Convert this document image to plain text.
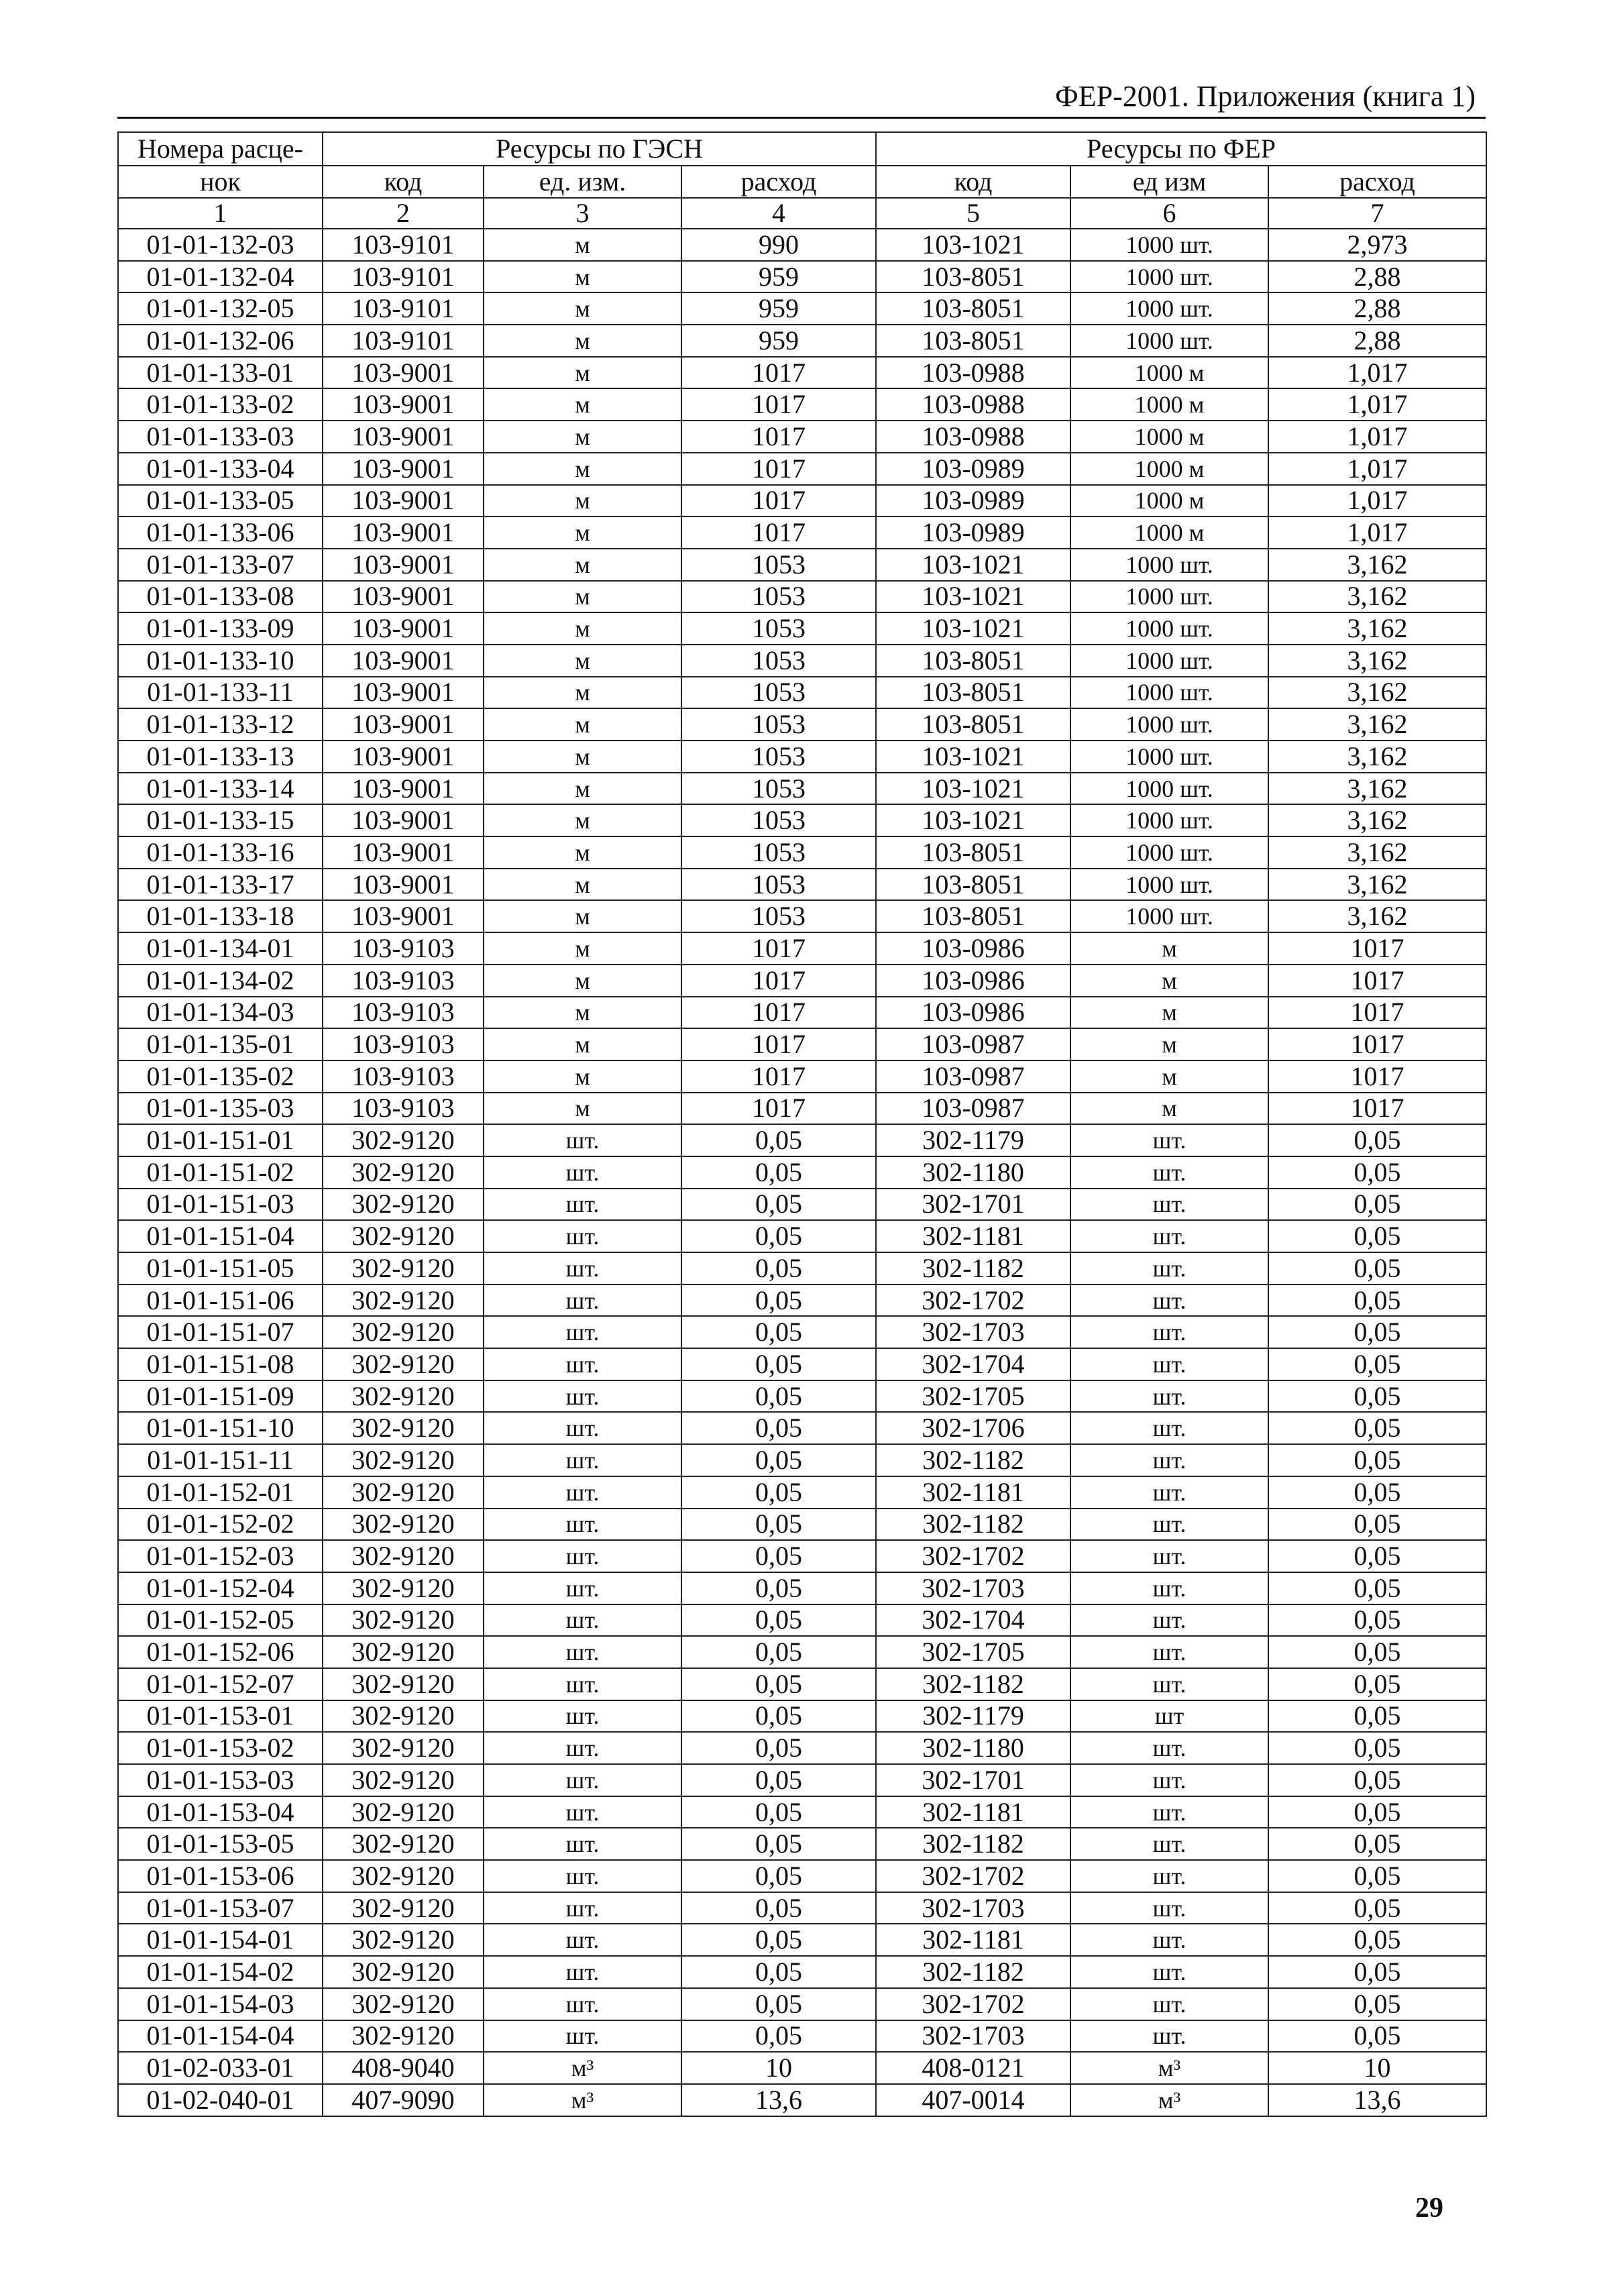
ФЕР-2001. Приложения (книга 1)
Номера расце-	Ресурсы по ГЭСН			Ресурсы по ФЕР		
нок	код	ед. изм.	расход	код	ед изм	расход
1	2	3	4	5	6	7
01-01-132-03	103-9101	м	990	103-1021	1000 шт.	2,973
01-01-132-04	103-9101	м	959	103-8051	1000 шт.	2,88
01-01-132-05	103-9101	м	959	103-8051	1000 шт.	2,88
01-01-132-06	103-9101	м	959	103-8051	1000 шт.	2,88
01-01-133-01	103-9001	м	1017	103-0988	1000 м	1,017
01-01-133-02	103-9001	м	1017	103-0988	1000 м	1,017
01-01-133-03	103-9001	м	1017	103-0988	1000 м	1,017
01-01-133-04	103-9001	м	1017	103-0989	1000 м	1,017
01-01-133-05	103-9001	м	1017	103-0989	1000 м	1,017
01-01-133-06	103-9001	м	1017	103-0989	1000 м	1,017
01-01-133-07	103-9001	м	1053	103-1021	1000 шт.	3,162
01-01-133-08	103-9001	м	1053	103-1021	1000 шт.	3,162
01-01-133-09	103-9001	м	1053	103-1021	1000 шт.	3,162
01-01-133-10	103-9001	м	1053	103-8051	1000 шт.	3,162
01-01-133-11	103-9001	м	1053	103-8051	1000 шт.	3,162
01-01-133-12	103-9001	м	1053	103-8051	1000 шт.	3,162
01-01-133-13	103-9001	м	1053	103-1021	1000 шт.	3,162
01-01-133-14	103-9001	м	1053	103-1021	1000 шт.	3,162
01-01-133-15	103-9001	м	1053	103-1021	1000 шт.	3,162
01-01-133-16	103-9001	м	1053	103-8051	1000 шт.	3,162
01-01-133-17	103-9001	м	1053	103-8051	1000 шт.	3,162
01-01-133-18	103-9001	м	1053	103-8051	1000 шт.	3,162
01-01-134-01	103-9103	м	1017	103-0986	м	1017
01-01-134-02	103-9103	м	1017	103-0986	м	1017
01-01-134-03	103-9103	м	1017	103-0986	м	1017
01-01-135-01	103-9103	м	1017	103-0987	м	1017
01-01-135-02	103-9103	м	1017	103-0987	м	1017
01-01-135-03	103-9103	м	1017	103-0987	м	1017
01-01-151-01	302-9120	шт.	0,05	302-1179	шт.	0,05
01-01-151-02	302-9120	шт.	0,05	302-1180	шт.	0,05
01-01-151-03	302-9120	шт.	0,05	302-1701	шт.	0,05
01-01-151-04	302-9120	шт.	0,05	302-1181	шт.	0,05
01-01-151-05	302-9120	шт.	0,05	302-1182	шт.	0,05
01-01-151-06	302-9120	шт.	0,05	302-1702	шт.	0,05
01-01-151-07	302-9120	шт.	0,05	302-1703	шт.	0,05
01-01-151-08	302-9120	шт.	0,05	302-1704	шт.	0,05
01-01-151-09	302-9120	шт.	0,05	302-1705	шт.	0,05
01-01-151-10	302-9120	шт.	0,05	302-1706	шт.	0,05
01-01-151-11	302-9120	шт.	0,05	302-1182	шт.	0,05
01-01-152-01	302-9120	шт.	0,05	302-1181	шт.	0,05
01-01-152-02	302-9120	шт.	0,05	302-1182	шт.	0,05
01-01-152-03	302-9120	шт.	0,05	302-1702	шт.	0,05
01-01-152-04	302-9120	шт.	0,05	302-1703	шт.	0,05
01-01-152-05	302-9120	шт.	0,05	302-1704	шт.	0,05
01-01-152-06	302-9120	шт.	0,05	302-1705	шт.	0,05
01-01-152-07	302-9120	шт.	0,05	302-1182	шт.	0,05
01-01-153-01	302-9120	шт.	0,05	302-1179	шт	0,05
01-01-153-02	302-9120	шт.	0,05	302-1180	шт.	0,05
01-01-153-03	302-9120	шт.	0,05	302-1701	шт.	0,05
01-01-153-04	302-9120	шт.	0,05	302-1181	шт.	0,05
01-01-153-05	302-9120	шт.	0,05	302-1182	шт.	0,05
01-01-153-06	302-9120	шт.	0,05	302-1702	шт.	0,05
01-01-153-07	302-9120	шт.	0,05	302-1703	шт.	0,05
01-01-154-01	302-9120	шт.	0,05	302-1181	шт.	0,05
01-01-154-02	302-9120	шт.	0,05	302-1182	шт.	0,05
01-01-154-03	302-9120	шт.	0,05	302-1702	шт.	0,05
01-01-154-04	302-9120	шт.	0,05	302-1703	шт.	0,05
01-02-033-01	408-9040	м³	10	408-0121	м³	10
01-02-040-01	407-9090	м³	13,6	407-0014	м³	13,6
29
